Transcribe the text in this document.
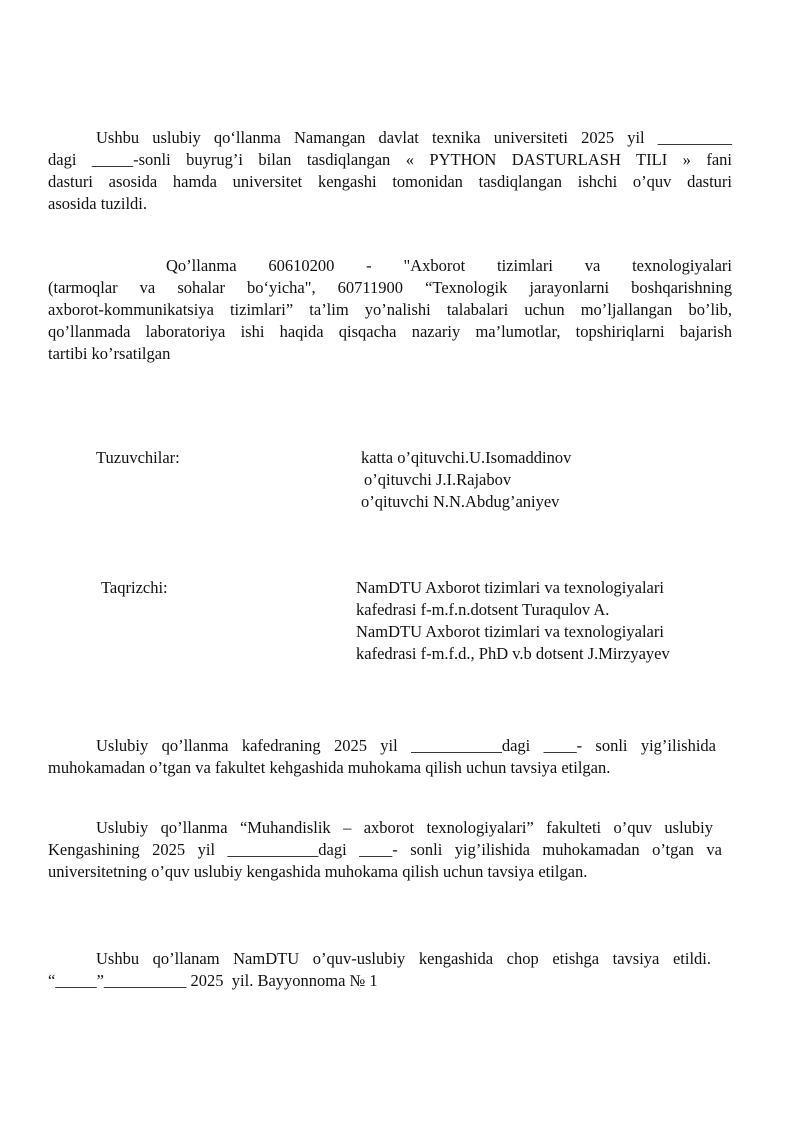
Ushbu uslubiy qo‘llanma Namangan davlat texnika universiteti 2025 yil _________
dagi _____-sonli buyrug’i bilan tasdiqlangan « PYTHON DASTURLASH TILI » fani
dasturi asosida hamda universitet kengashi tomonidan tasdiqlangan ishchi o’quv dasturi
asosida tuzildi.
Qo’llanma 60610200 - "Axborot tizimlari va texnologiyalari
(tarmoqlar va sohalar bo‘yicha", 60711900 “Texnologik jarayonlarni boshqarishning
axborot-kommunikatsiya tizimlari” ta’lim yo’nalishi talabalari uchun mo’ljallangan bo’lib,
qo’llanmada laboratoriya ishi haqida qisqacha nazariy ma’lumotlar, topshiriqlarni bajarish
tartibi ko’rsatilgan
Tuzuvchilar:	katta o’qituvchi.U.Isomaddinov
o’qituvchi J.I.Rajabov
o’qituvchi N.N.Abdug’aniyev
Taqrizchi:	NamDTU Axborot tizimlari va texnologiyalari
kafedrasi f-m.f.n.dotsent Turaqulov A.
NamDTU Axborot tizimlari va texnologiyalari
kafedrasi f-m.f.d., PhD v.b dotsent J.Mirzyayev
Uslubiy qo’llanma kafedraning 2025 yil ___________dagi ____- sonli yig’ilishida
muhokamadan o’tgan va fakultet kehgashida muhokama qilish uchun tavsiya etilgan.
Uslubiy qo’llanma “Muhandislik – axborot texnologiyalari” fakulteti o’quv uslubiy
Kengashining 2025 yil ___________dagi ____- sonli yig’ilishida muhokamadan o’tgan va
universitetning o’quv uslubiy kengashida muhokama qilish uchun tavsiya etilgan.
Ushbu qo’llanam NamDTU o’quv-uslubiy kengashida chop etishga tavsiya etildi.
“_____”__________ 2025  yil. Bayyonnoma № 1
